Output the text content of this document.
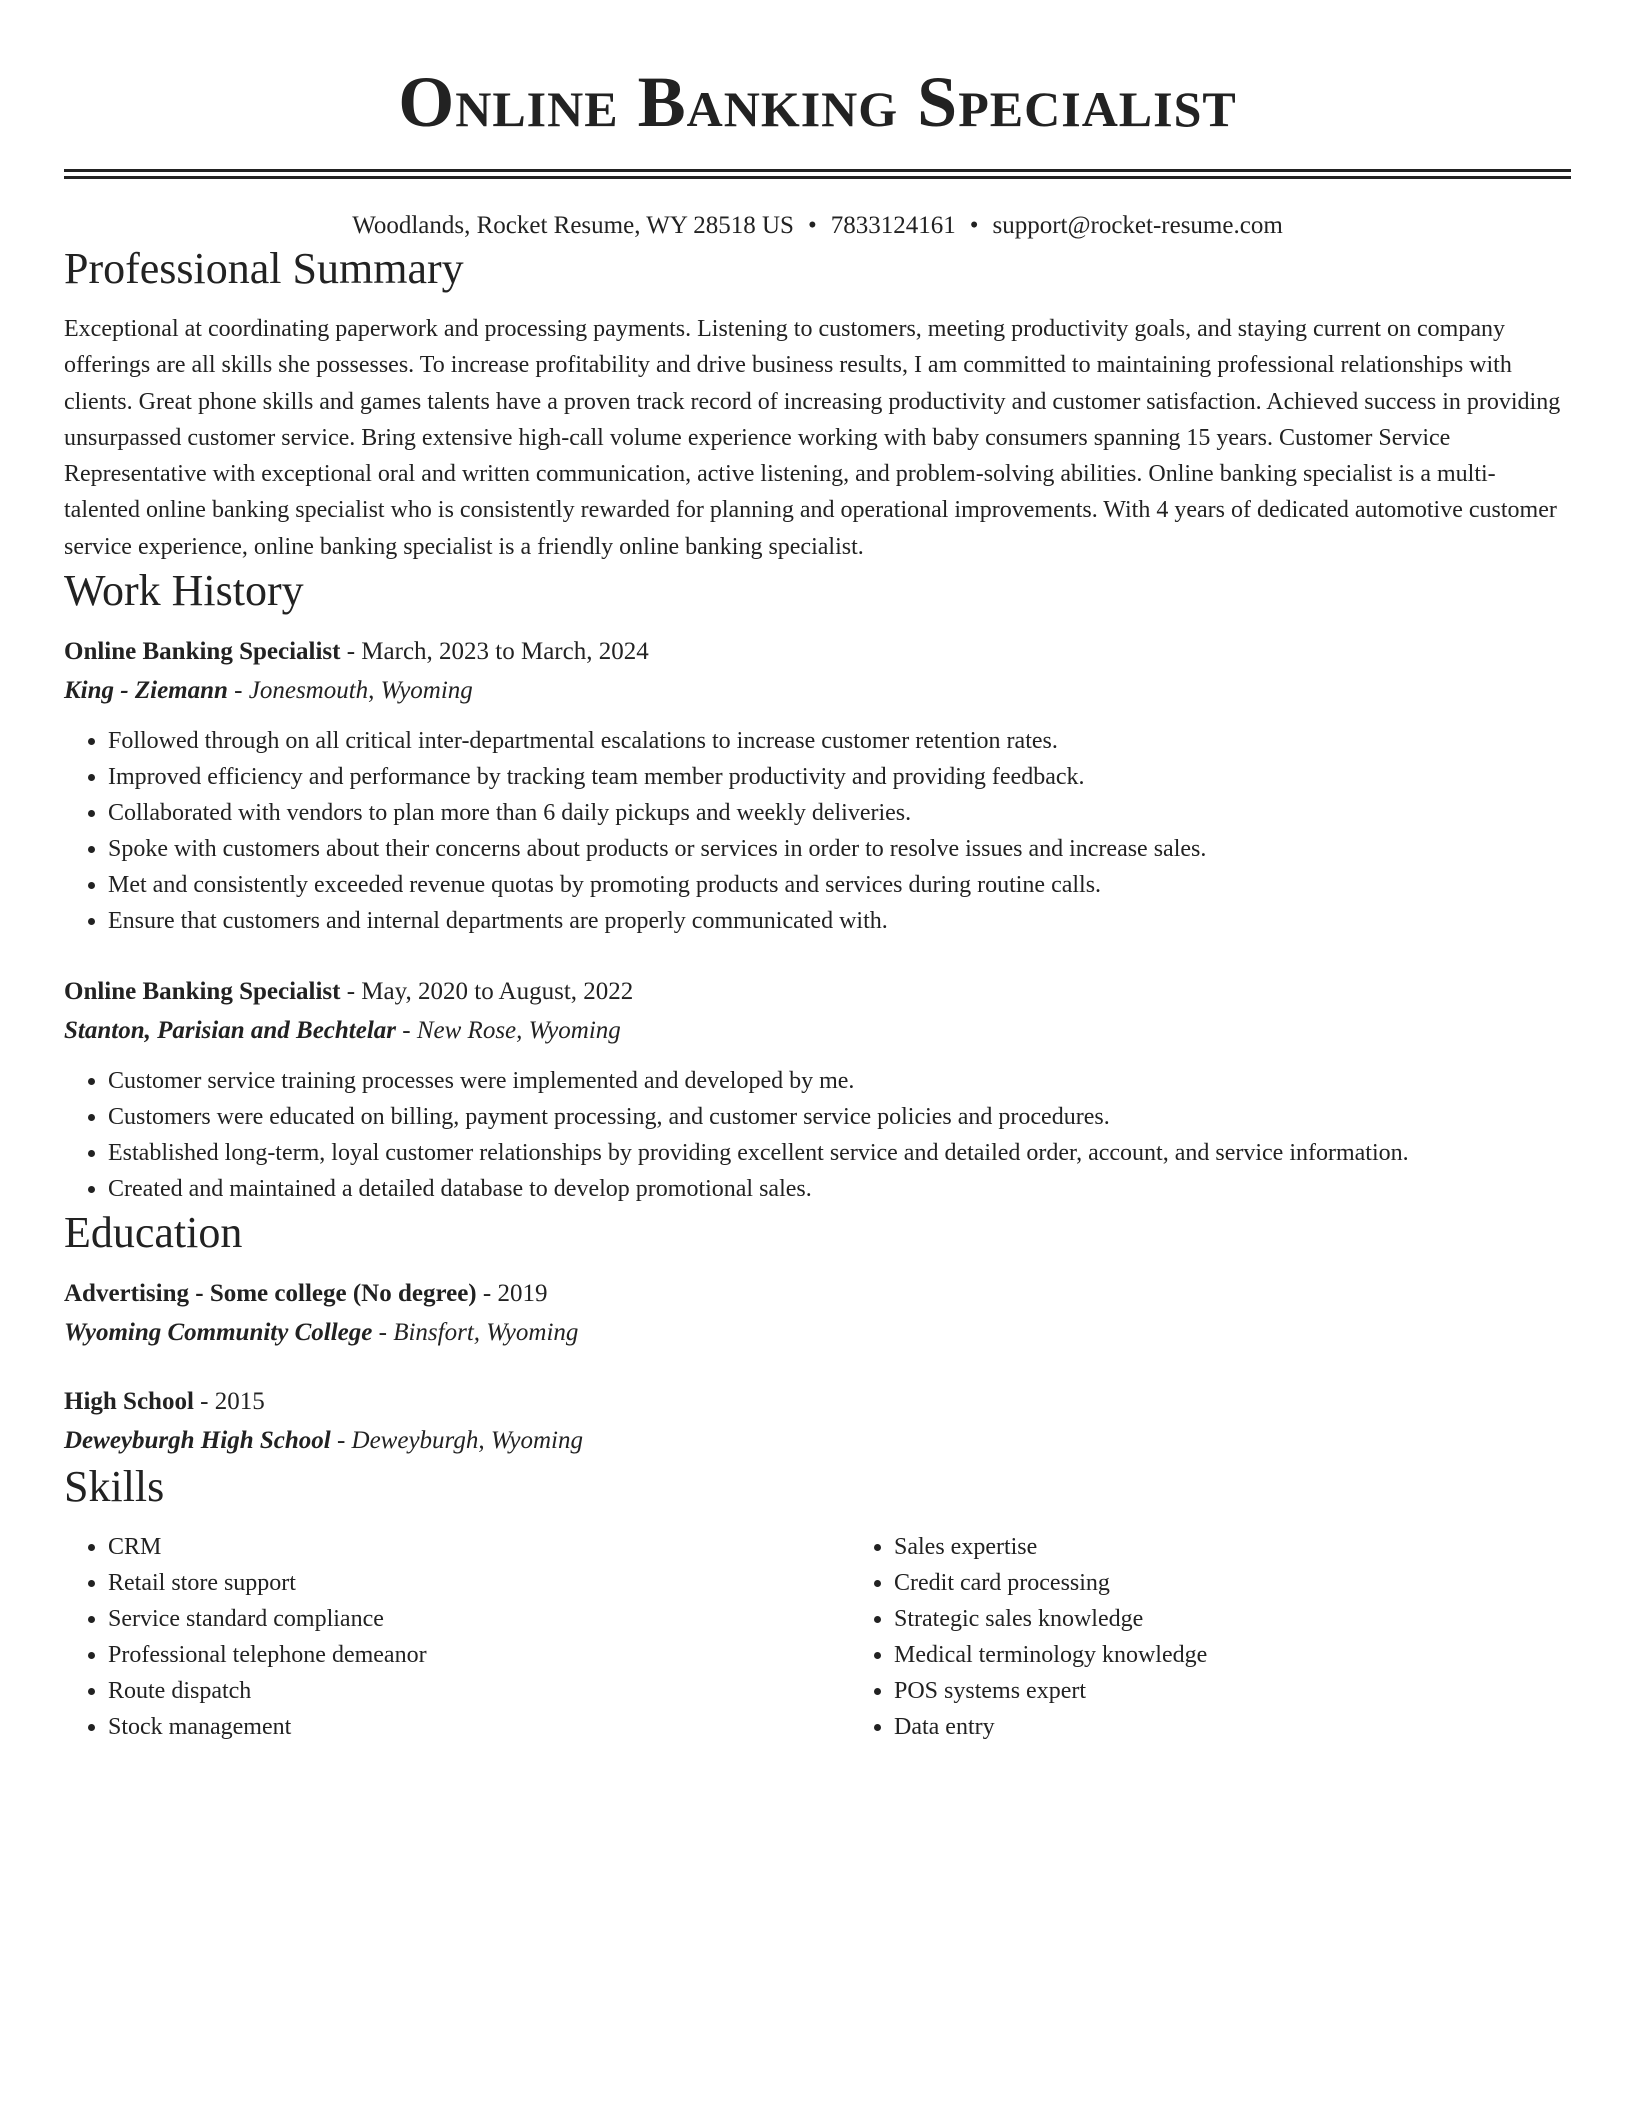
Online Banking Specialist
Woodlands, Rocket Resume, WY 28518 US • 7833124161 • support@rocket-resume.com
Professional Summary
Exceptional at coordinating paperwork and processing payments. Listening to customers, meeting productivity goals, and staying current on company offerings are all skills she possesses. To increase profitability and drive business results, I am committed to maintaining professional relationships with clients. Great phone skills and games talents have a proven track record of increasing productivity and customer satisfaction. Achieved success in providing unsurpassed customer service. Bring extensive high-call volume experience working with baby consumers spanning 15 years. Customer Service Representative with exceptional oral and written communication, active listening, and problem-solving abilities. Online banking specialist is a multi-talented online banking specialist who is consistently rewarded for planning and operational improvements. With 4 years of dedicated automotive customer service experience, online banking specialist is a friendly online banking specialist.
Work History
Online Banking Specialist - March, 2023 to March, 2024
King - Ziemann - Jonesmouth, Wyoming
• Followed through on all critical inter-departmental escalations to increase customer retention rates.
• Improved efficiency and performance by tracking team member productivity and providing feedback.
• Collaborated with vendors to plan more than 6 daily pickups and weekly deliveries.
• Spoke with customers about their concerns about products or services in order to resolve issues and increase sales.
• Met and consistently exceeded revenue quotas by promoting products and services during routine calls.
• Ensure that customers and internal departments are properly communicated with.
Online Banking Specialist - May, 2020 to August, 2022
Stanton, Parisian and Bechtelar - New Rose, Wyoming
• Customer service training processes were implemented and developed by me.
• Customers were educated on billing, payment processing, and customer service policies and procedures.
• Established long-term, loyal customer relationships by providing excellent service and detailed order, account, and service information.
• Created and maintained a detailed database to develop promotional sales.
Education
Advertising - Some college (No degree) - 2019
Wyoming Community College - Binsfort, Wyoming
High School - 2015
Deweyburgh High School - Deweyburgh, Wyoming
Skills
• CRM
• Retail store support
• Service standard compliance
• Professional telephone demeanor
• Route dispatch
• Stock management
• Sales expertise
• Credit card processing
• Strategic sales knowledge
• Medical terminology knowledge
• POS systems expert
• Data entry
